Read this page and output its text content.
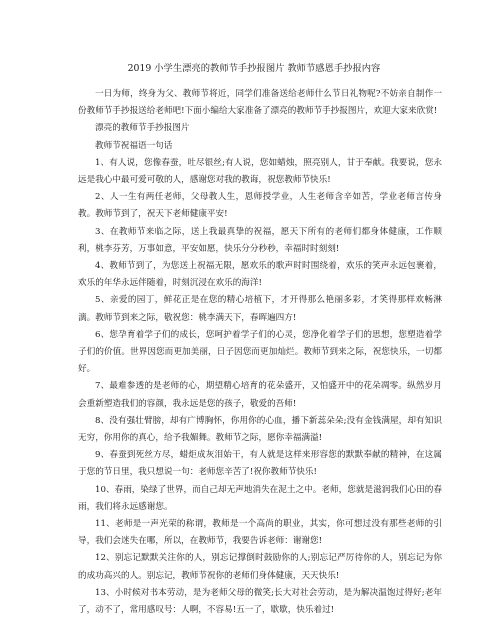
2019 小学生漂亮的教师节手抄报图片 教师节感恩手抄报内容

一日为师，终身为父、教师节将近，同学们准备送给老师什么节日礼物呢?不妨亲自制作一份教师节手抄报送给老师吧!下面小编给大家准备了漂亮的教师节手抄报图片，欢迎大家来欣赏!

漂亮的教师节手抄报图片

教师节祝福语一句话

1、有人说，您像春蚕，吐尽银丝;有人说，您如蜡烛，照亮别人，甘于奉献。我要说，您永远是我心中最可爱可敬的人，感谢您对我的教诲，祝您教师节快乐!

2、人一生有两任老师，父母教人生，恩师授学业，人生老师含辛如苦，学业老师言传身教。教师节到了，祝天下老师健康平安!

3、在教师节来临之际，送上我最真挚的祝福，愿天下所有的老师们都身体健康，工作顺利，桃李芬芳，万事如意，平安如愿，快乐分分秒秒，幸福时时刻刻!

4、教师节到了，为您送上祝福无限，愿欢乐的歌声时时围绕着，欢乐的笑声永远包裹着，欢乐的年华永远伴随着，时刻沉浸在欢乐的海洋!

5、亲爱的园丁，鲜花正是在您的精心培植下，才开得那么艳丽多彩，才笑得那样欢畅淋漓。教师节到来之际，敬祝您：桃李满天下，春晖遍四方!

6、您孕育着学子们的成长，您呵护着学子们的心灵，您净化着学子们的思想，您塑造着学子们的价值。世界因您而更加美丽，日子因您而更加灿烂。教师节到来之际，祝您快乐，一切都好。

7、最难参透的是老师的心，期望精心培育的花朵盛开，又怕盛开中的花朵凋零。纵然岁月会重新塑造我们的容颜，我永远是您的孩子，敬爱的吾师!

8、没有强壮臂膀，却有广博胸怀，你用你的心血，播下新蕊朵朵;没有金钱满屋，却有知识无穷，你用你的真心，给予我媚舞。教师节之际，愿你幸福满溢!

9、春蚕到死丝方尽，蜡炬成灰泪始干，有人就是这样来形容您的默默奉献的精神，在这属于您的节日里，我只想说一句：老师您辛苦了!祝你教师节快乐!

10、春雨，染绿了世界，而自己却无声地消失在泥土之中。老师，您就是滋润我们心田的春雨，我们将永远感谢您。

11、老师是一声光荣的称谓，教师是一个高尚的职业，其实，你可想过没有那些老师的引导，我们会迷失在哪，所以，在教师节，我要告诉老师：谢谢您!

12、别忘记默默关注你的人，别忘记撑倒时鼓励你的人;别忘记严厉待你的人，别忘记为你的成功高兴的人。别忘记，教师节祝你的老师们身体健康，天天快乐!

13、小时候对书本劳动，是为老师父母的微笑;长大对社会劳动，是为解决温饱过得好;老年了，动不了，常用感叹号：人啊，不容易!五一了，歇歇，快乐着过!
